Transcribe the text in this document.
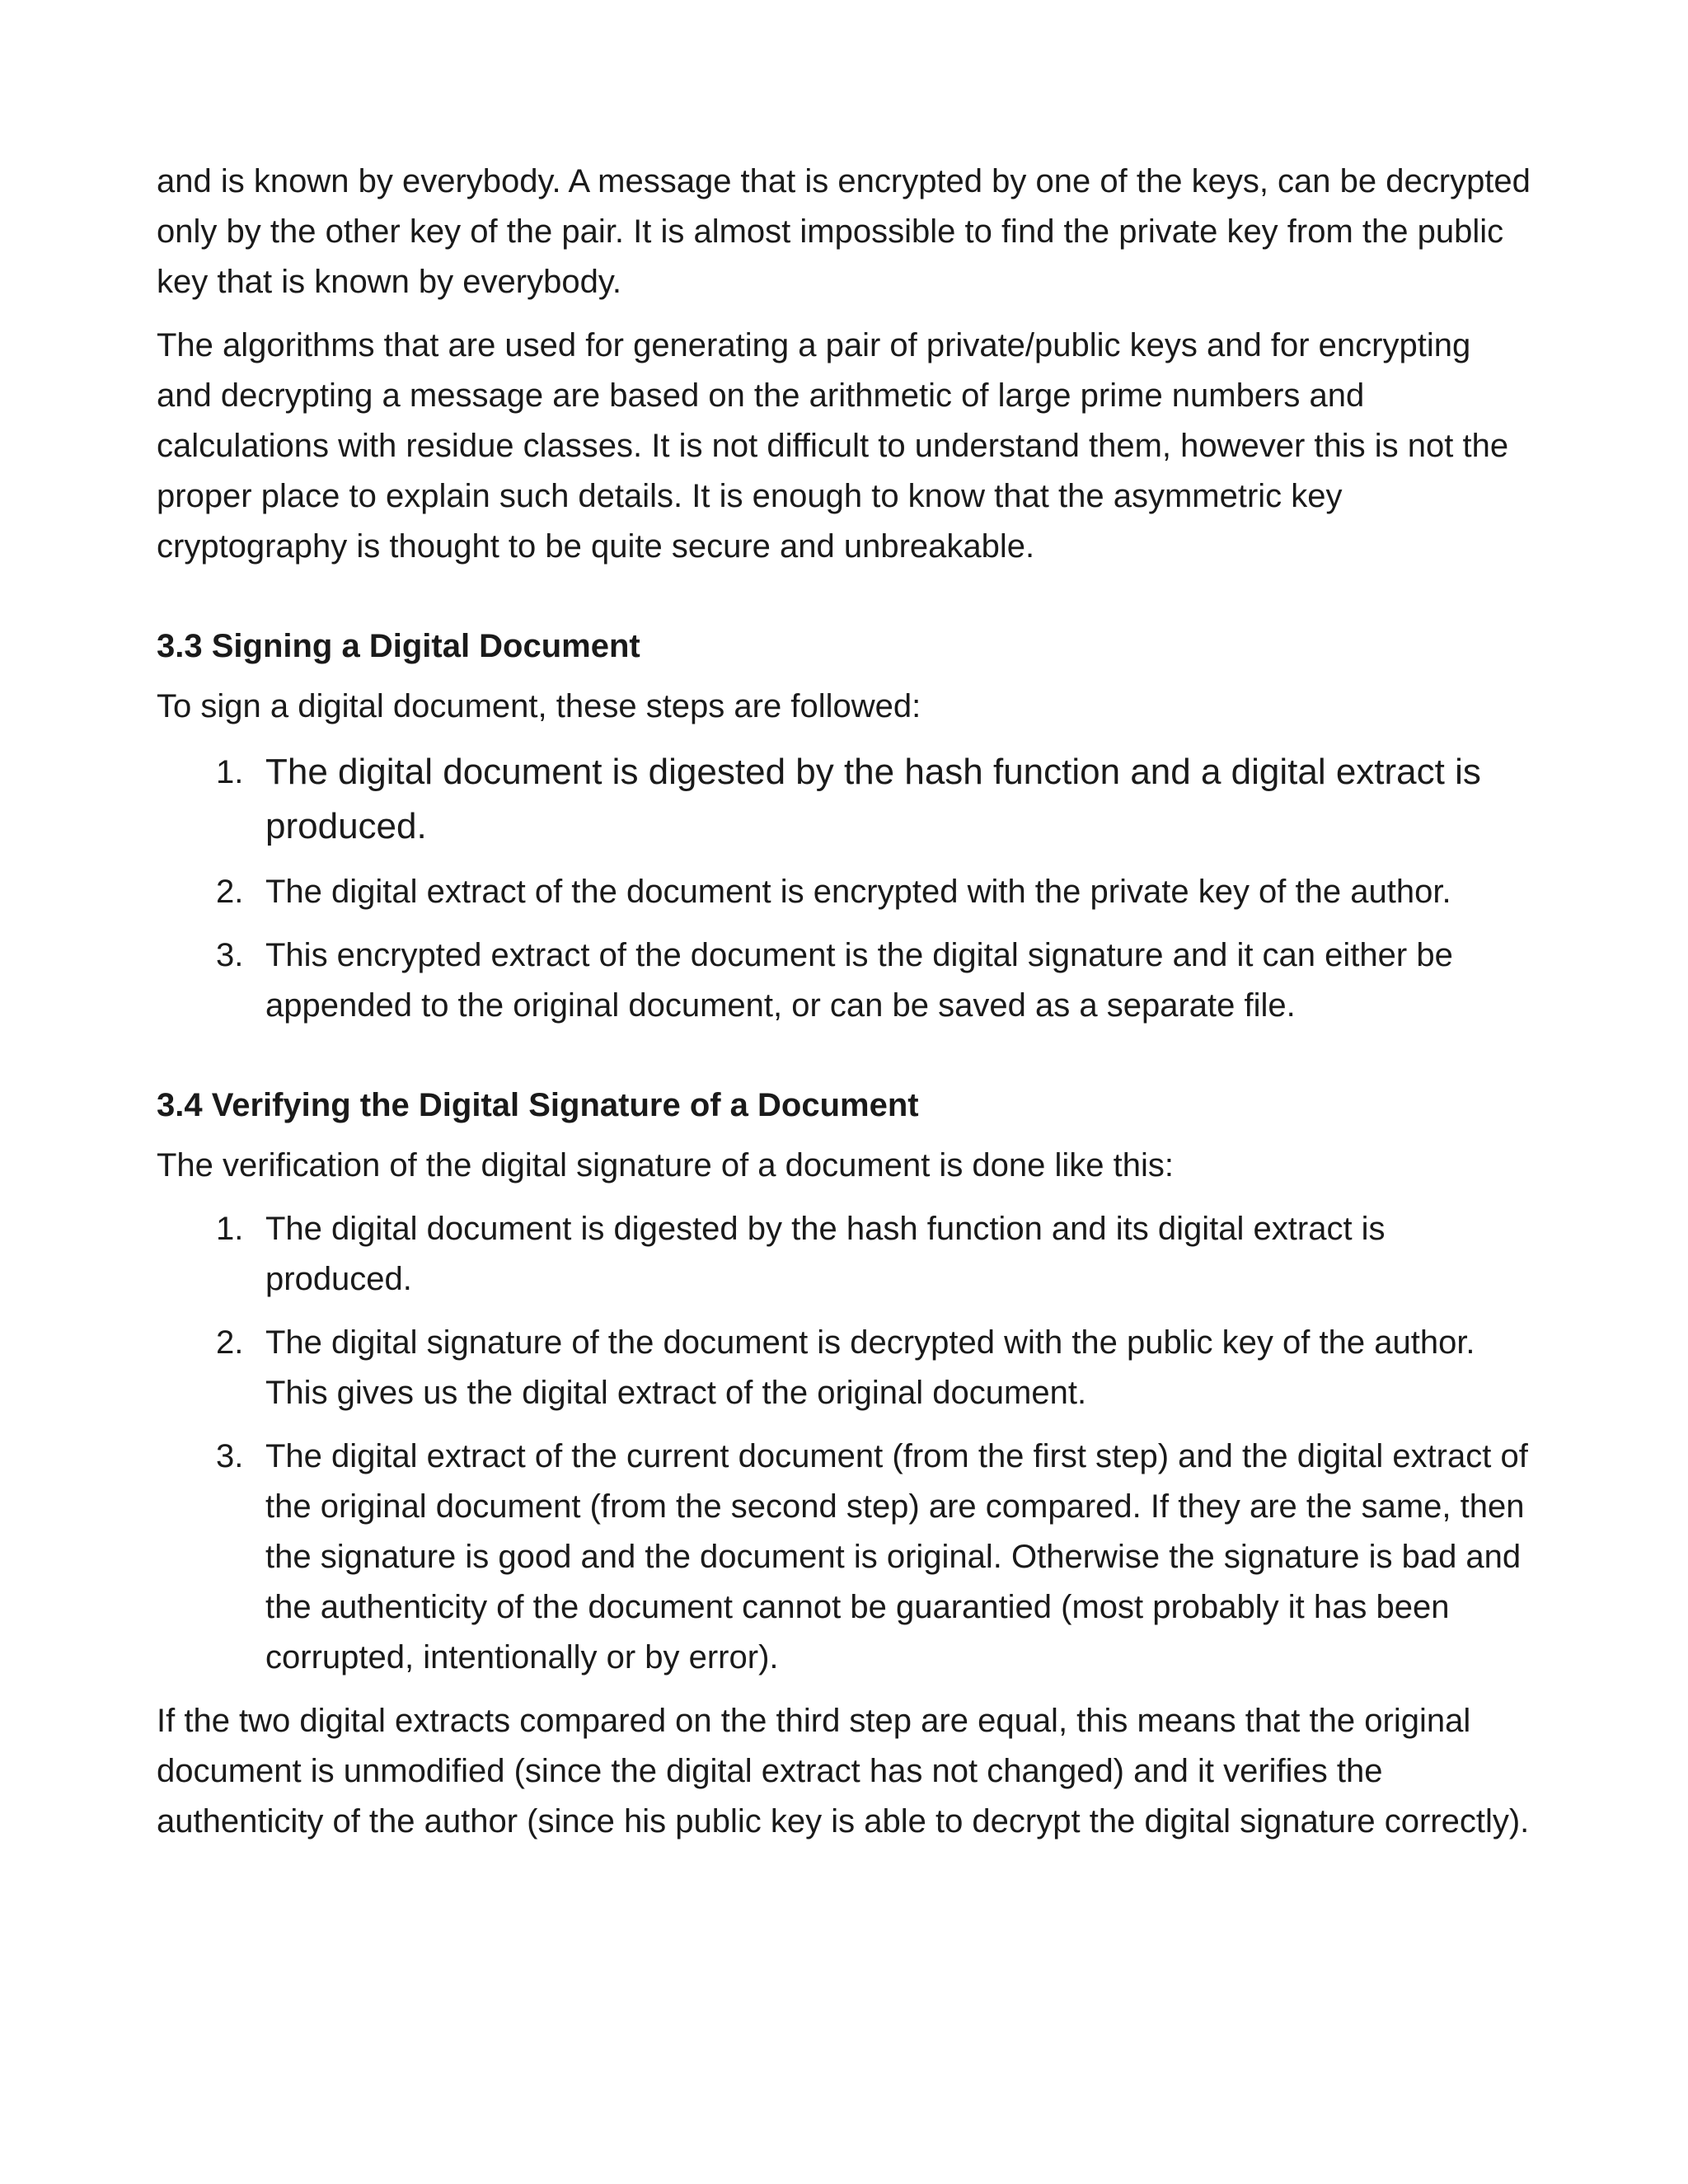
and is known by everybody. A message that is encrypted by one of the keys, can be decrypted only by the other key of the pair. It is almost impossible to find the private key from the public key that is known by everybody.

The algorithms that are used for generating a pair of private/public keys and for encrypting and decrypting a message are based on the arithmetic of large prime numbers and calculations with residue classes. It is not difficult to understand them, however this is not the proper place to explain such details. It is enough to know that the asymmetric key cryptography is thought to be quite secure and unbreakable.

3.3 Signing a Digital Document

To sign a digital document, these steps are followed:

1. The digital document is digested by the hash function and a digital extract is produced.
2. The digital extract of the document is encrypted with the private key of the author.
3. This encrypted extract of the document is the digital signature and it can either be appended to the original document, or can be saved as a separate file.
3.4 Verifying the Digital Signature of a Document

The verification of the digital signature of a document is done like this:

1. The digital document is digested by the hash function and its digital extract is produced.
2. The digital signature of the document is decrypted with the public key of the author. This gives us the digital extract of the original document.
3. The digital extract of the current document (from the first step) and the digital extract of the original document (from the second step) are compared. If they are the same, then the signature is good and the document is original. Otherwise the signature is bad and the authenticity of the document cannot be guarantied (most probably it has been corrupted, intentionally or by error).

If the two digital extracts compared on the third step are equal, this means that the original document is unmodified (since the digital extract has not changed) and it verifies the authenticity of the author (since his public key is able to decrypt the digital signature correctly).
